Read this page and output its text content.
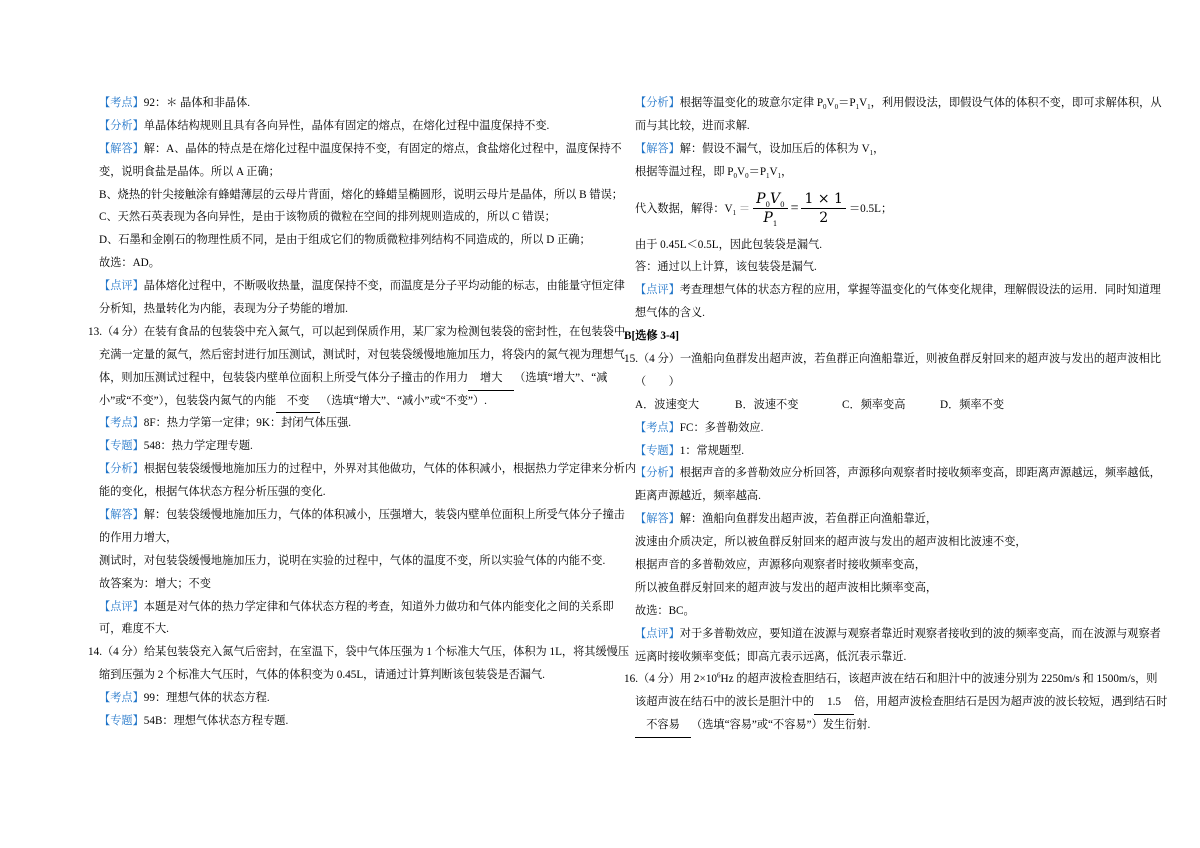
【考点】92：＊ 晶体和非晶体.
【分析】单晶体结构规则且具有各向异性，晶体有固定的熔点，在熔化过程中温度保持不变.
【解答】解：A、晶体的特点是在熔化过程中温度保持不变，有固定的熔点，食盐熔化过程中，温度保持不
变，说明食盐是晶体。所以 A 正确；
B、烧热的针尖接触涂有蜂蜡薄层的云母片背面，熔化的蜂蜡呈椭圆形，说明云母片是晶体，所以 B 错误；
C、天然石英表现为各向异性，是由于该物质的微粒在空间的排列规则造成的，所以 C 错误；
D、石墨和金刚石的物理性质不同，是由于组成它们的物质微粒排列结构不同造成的，所以 D 正确；
故选：AD。
【点评】晶体熔化过程中，不断吸收热量，温度保持不变，而温度是分子平均动能的标志，由能量守恒定律
分析知，热量转化为内能，表现为分子势能的增加.
13.（4 分）在装有食品的包装袋中充入氮气，可以起到保质作用，某厂家为检测包装袋的密封性，在包装袋中
充满一定量的氮气，然后密封进行加压测试，测试时，对包装袋缓慢地施加压力，将袋内的氮气视为理想气
体，则加压测试过程中，包装袋内壁单位面积上所受气体分子撞击的作用力 增大 （选填“增大”、“减
小”或“不变”），包装袋内氮气的内能 不变 （选填“增大”、“减小”或“不变”）.
【考点】8F：热力学第一定律；9K：封闭气体压强.
【专题】548：热力学定理专题.
【分析】根据包装袋缓慢地施加压力的过程中，外界对其他做功，气体的体积减小，根据热力学定律来分析内
能的变化，根据气体状态方程分析压强的变化.
【解答】解：包装袋缓慢地施加压力，气体的体积减小，压强增大，装袋内壁单位面积上所受气体分子撞击
的作用力增大，
测试时，对包装袋缓慢地施加压力，说明在实验的过程中，气体的温度不变，所以实验气体的内能不变.
故答案为：增大；不变
【点评】本题是对气体的热力学定律和气体状态方程的考查，知道外力做功和气体内能变化之间的关系即
可，难度不大.
14.（4 分）给某包装袋充入氮气后密封，在室温下，袋中气体压强为 1 个标准大气压，体积为 1L，将其缓慢压
缩到压强为 2 个标准大气压时，气体的体积变为 0.45L，请通过计算判断该包装袋是否漏气.
【考点】99：理想气体的状态方程.
【专题】54B：理想气体状态方程专题.
【分析】根据等温变化的玻意尔定律 $P_0V_0=P_1V_1$，利用假设法，即假设气体的体积不变，即可求解体积，从
而与其比较，进而求解.
【解答】解：假设不漏气，设加压后的体积为 $V_1$，
根据等温过程，即 $P_0V_0=P_1V_1$，
代入数据，解得：$V_1 = \frac{P_0V_0}{P_1} = \frac{1 \times 1}{2} =0.5L$；
由于 0.45L＜0.5L，因此包装袋是漏气.
答：通过以上计算，该包装袋是漏气.
【点评】考查理想气体的状态方程的应用，掌握等温变化的气体变化规律，理解假设法的运用．同时知道理
想气体的含义.
B[选修 3-4]
15.（4 分）一渔船向鱼群发出超声波，若鱼群正向渔船靠近，则被鱼群反射回来的超声波与发出的超声波相比
（　　）
A．波速变大	B．波速不变	C．频率变高	D．频率不变
【考点】FC：多普勒效应.
【专题】1：常规题型.
【分析】根据声音的多普勒效应分析回答，声源移向观察者时接收频率变高，即距离声源越远，频率越低，
距离声源越近，频率越高.
【解答】解：渔船向鱼群发出超声波，若鱼群正向渔船靠近，
波速由介质决定，所以被鱼群反射回来的超声波与发出的超声波相比波速不变，
根据声音的多普勒效应，声源移向观察者时接收频率变高，
所以被鱼群反射回来的超声波与发出的超声波相比频率变高，
故选：BC。
【点评】对于多普勒效应，要知道在波源与观察者靠近时观察者接收到的波的频率变高，而在波源与观察者
远离时接收频率变低；即高亢表示远离，低沉表示靠近.
16.（4 分）用 $2\times 10^6Hz$ 的超声波检查胆结石，该超声波在结石和胆汁中的波速分别为 2250m/s 和 1500m/s，则
该超声波在结石中的波长是胆汁中的 1.5 倍，用超声波检查胆结石是因为超声波的波长较短，遇到结石时
不容易 （选填“容易”或“不容易”）发生衍射.
